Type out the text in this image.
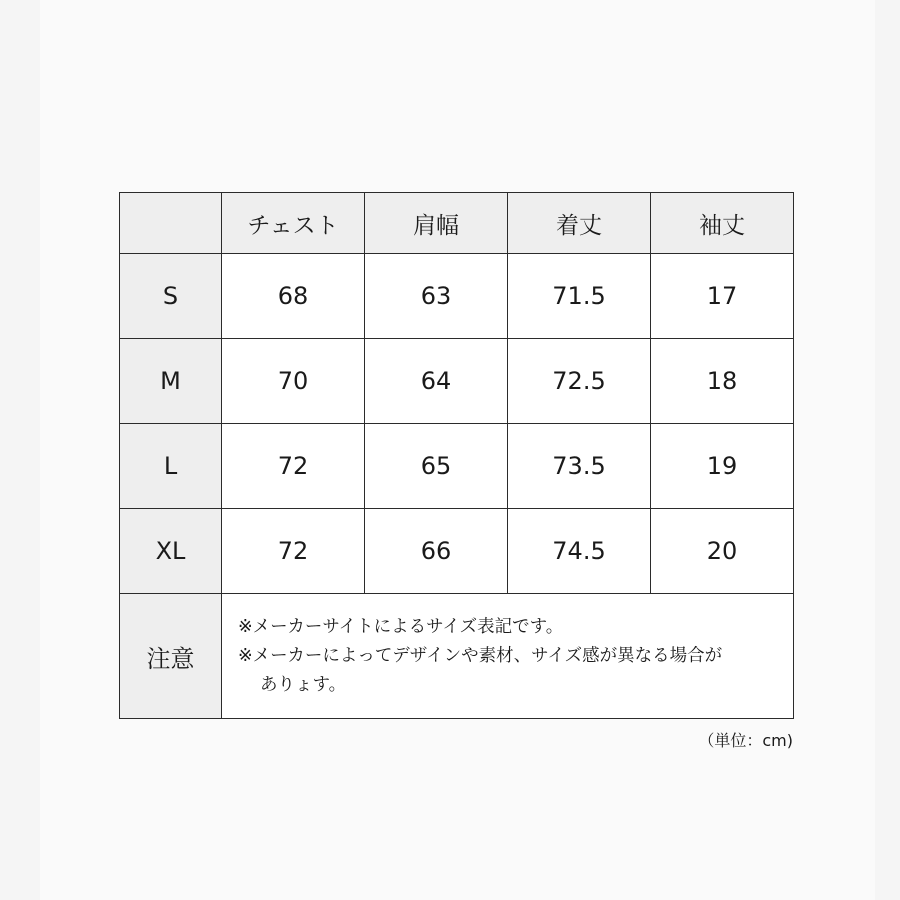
	チェスト	肩幅	着丈	袖丈
S	68	63	71.5	17
M	70	64	72.5	18
L	72	65	73.5	19
XL	72	66	74.5	20
注意	※メーカーサイトによるサイズ表記です。
※メーカーによってデザインや素材、サイズ感が異なる場合が
ありょす。			
（単位：cm)
